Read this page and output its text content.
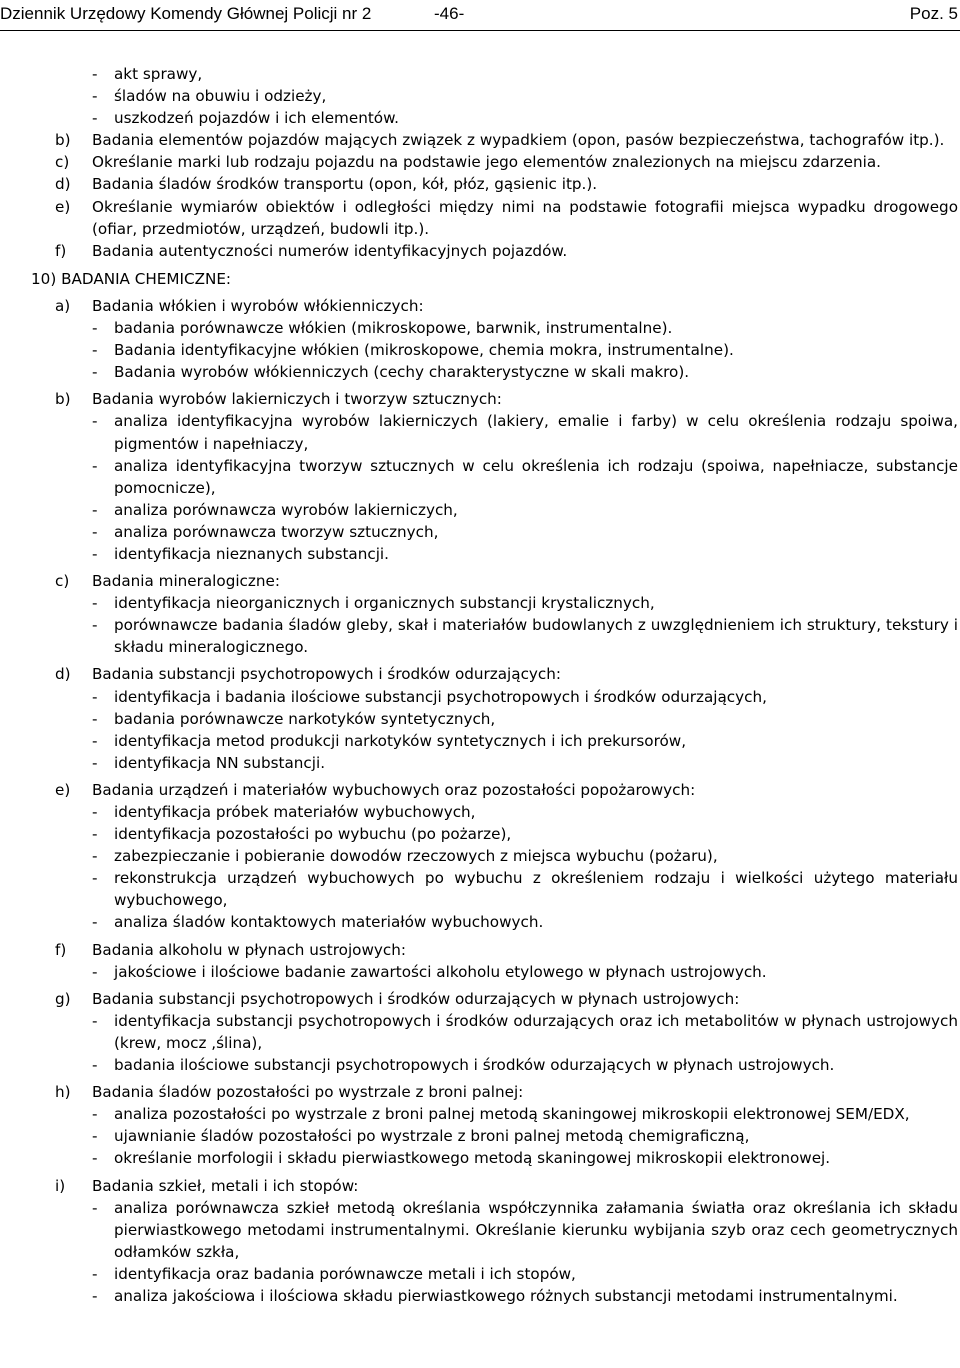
Dziennik Urzędowy Komendy Głównej Policji nr 2	-46-	Poz. 5
- akt sprawy,
- śladów na obuwiu i odzieży,
- uszkodzeń pojazdów i ich elementów.
b) Badania elementów pojazdów mających związek z wypadkiem (opon, pasów bezpieczeństwa, tachografów itp.).
c) Określanie marki lub rodzaju pojazdu na podstawie jego elementów znalezionych na miejscu zdarzenia.
d) Badania śladów środków transportu (opon, kół, płóz, gąsienic itp.).
e) Określanie wymiarów obiektów i odległości między nimi na podstawie fotografii miejsca wypadku drogowego (ofiar, przedmiotów, urządzeń, budowli itp.).
f) Badania autentyczności numerów identyfikacyjnych pojazdów.
10) BADANIA CHEMICZNE:
a) Badania włókien i wyrobów włókienniczych:
- badania porównawcze włókien (mikroskopowe, barwnik, instrumentalne).
- Badania identyfikacyjne włókien (mikroskopowe, chemia mokra, instrumentalne).
- Badania wyrobów włókienniczych (cechy charakterystyczne w skali makro).
b) Badania wyrobów lakierniczych i tworzyw sztucznych:
- analiza identyfikacyjna wyrobów lakierniczych (lakiery, emalie i farby) w celu określenia rodzaju spoiwa, pigmentów i napełniaczy,
- analiza identyfikacyjna tworzyw sztucznych w celu określenia ich rodzaju (spoiwa, napełniacze, substancje pomocnicze),
- analiza porównawcza wyrobów lakierniczych,
- analiza porównawcza tworzyw sztucznych,
- identyfikacja nieznanych substancji.
c) Badania mineralogiczne:
- identyfikacja nieorganicznych i organicznych substancji krystalicznych,
- porównawcze badania śladów gleby, skał i materiałów budowlanych z uwzględnieniem ich struktury, tekstury i składu mineralogicznego.
d) Badania substancji psychotropowych i środków odurzających:
- identyfikacja i badania ilościowe substancji psychotropowych i środków odurzających,
- badania porównawcze narkotyków syntetycznych,
- identyfikacja metod produkcji narkotyków syntetycznych i ich prekursorów,
- identyfikacja NN substancji.
e) Badania urządzeń i materiałów wybuchowych oraz pozostałości popożarowych:
- identyfikacja próbek materiałów wybuchowych,
- identyfikacja pozostałości po wybuchu (po pożarze),
- zabezpieczanie i pobieranie dowodów rzeczowych z miejsca wybuchu (pożaru),
- rekonstrukcja urządzeń wybuchowych po wybuchu z określeniem rodzaju i wielkości użytego materiału wybuchowego,
- analiza śladów kontaktowych materiałów wybuchowych.
f) Badania alkoholu w płynach ustrojowych:
- jakościowe i ilościowe badanie zawartości alkoholu etylowego w płynach ustrojowych.
g) Badania substancji psychotropowych i środków odurzających w płynach ustrojowych:
- identyfikacja substancji psychotropowych i środków odurzających oraz ich metabolitów w płynach ustrojowych (krew, mocz ,ślina),
- badania ilościowe substancji psychotropowych i środków odurzających w płynach ustrojowych.
h) Badania śladów pozostałości po wystrzale z broni palnej:
- analiza pozostałości po wystrzale z broni palnej metodą skaningowej mikroskopii elektronowej SEM/EDX,
- ujawnianie śladów pozostałości po wystrzale z broni palnej metodą chemigraficzną,
- określanie morfologii i składu pierwiastkowego metodą skaningowej mikroskopii elektronowej.
i) Badania szkieł, metali i ich stopów:
- analiza porównawcza szkieł metodą określania współczynnika załamania światła oraz określania ich składu pierwiastkowego metodami instrumentalnymi. Określanie kierunku wybijania szyb oraz cech geometrycznych odłamków szkła,
- identyfikacja oraz badania porównawcze metali i ich stopów,
- analiza jakościowa i ilościowa składu pierwiastkowego różnych substancji metodami instrumentalnymi.
